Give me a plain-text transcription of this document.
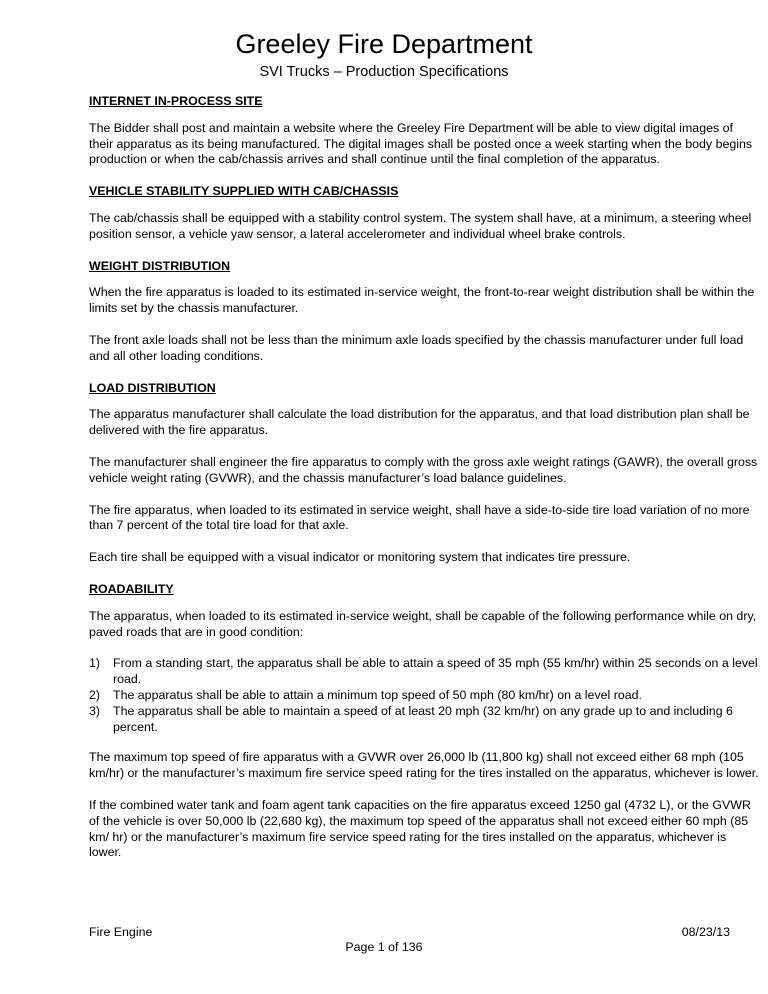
Greeley Fire Department
SVI Trucks – Production Specifications
INTERNET IN-PROCESS SITE

The Bidder shall post and maintain a website where the Greeley Fire Department will be able to view digital images of their apparatus as its being manufactured. The digital images shall be posted once a week starting when the body begins production or when the cab/chassis arrives and shall continue until the final completion of the apparatus.

VEHICLE STABILITY SUPPLIED WITH CAB/CHASSIS

The cab/chassis shall be equipped with a stability control system. The system shall have, at a minimum, a steering wheel position sensor, a vehicle yaw sensor, a lateral accelerometer and individual wheel brake controls.

WEIGHT DISTRIBUTION

When the fire apparatus is loaded to its estimated in-service weight, the front-to-rear weight distribution shall be within the limits set by the chassis manufacturer.

The front axle loads shall not be less than the minimum axle loads specified by the chassis manufacturer under full load and all other loading conditions.

LOAD DISTRIBUTION

The apparatus manufacturer shall calculate the load distribution for the apparatus, and that load distribution plan shall be delivered with the fire apparatus.

The manufacturer shall engineer the fire apparatus to comply with the gross axle weight ratings (GAWR), the overall gross vehicle weight rating (GVWR), and the chassis manufacturer’s load balance guidelines.

The fire apparatus, when loaded to its estimated in service weight, shall have a side-to-side tire load variation of no more than 7 percent of the total tire load for that axle.

Each tire shall be equipped with a visual indicator or monitoring system that indicates tire pressure.

ROADABILITY

The apparatus, when loaded to its estimated in-service weight, shall be capable of the following performance while on dry, paved roads that are in good condition:

1) From a standing start, the apparatus shall be able to attain a speed of 35 mph (55 km/hr) within 25 seconds on a level road.
2) The apparatus shall be able to attain a minimum top speed of 50 mph (80 km/hr) on a level road.
3) The apparatus shall be able to maintain a speed of at least 20 mph (32 km/hr) on any grade up to and including 6 percent.

The maximum top speed of fire apparatus with a GVWR over 26,000 lb (11,800 kg) shall not exceed either 68 mph (105 km/hr) or the manufacturer’s maximum fire service speed rating for the tires installed on the apparatus, whichever is lower.

If the combined water tank and foam agent tank capacities on the fire apparatus exceed 1250 gal (4732 L), or the GVWR of the vehicle is over 50,000 lb (22,680 kg), the maximum top speed of the apparatus shall not exceed either 60 mph (85 km/ hr) or the manufacturer’s maximum fire service speed rating for the tires installed on the apparatus, whichever is lower.

Fire Engine	08/23/13
Page 1 of 136
